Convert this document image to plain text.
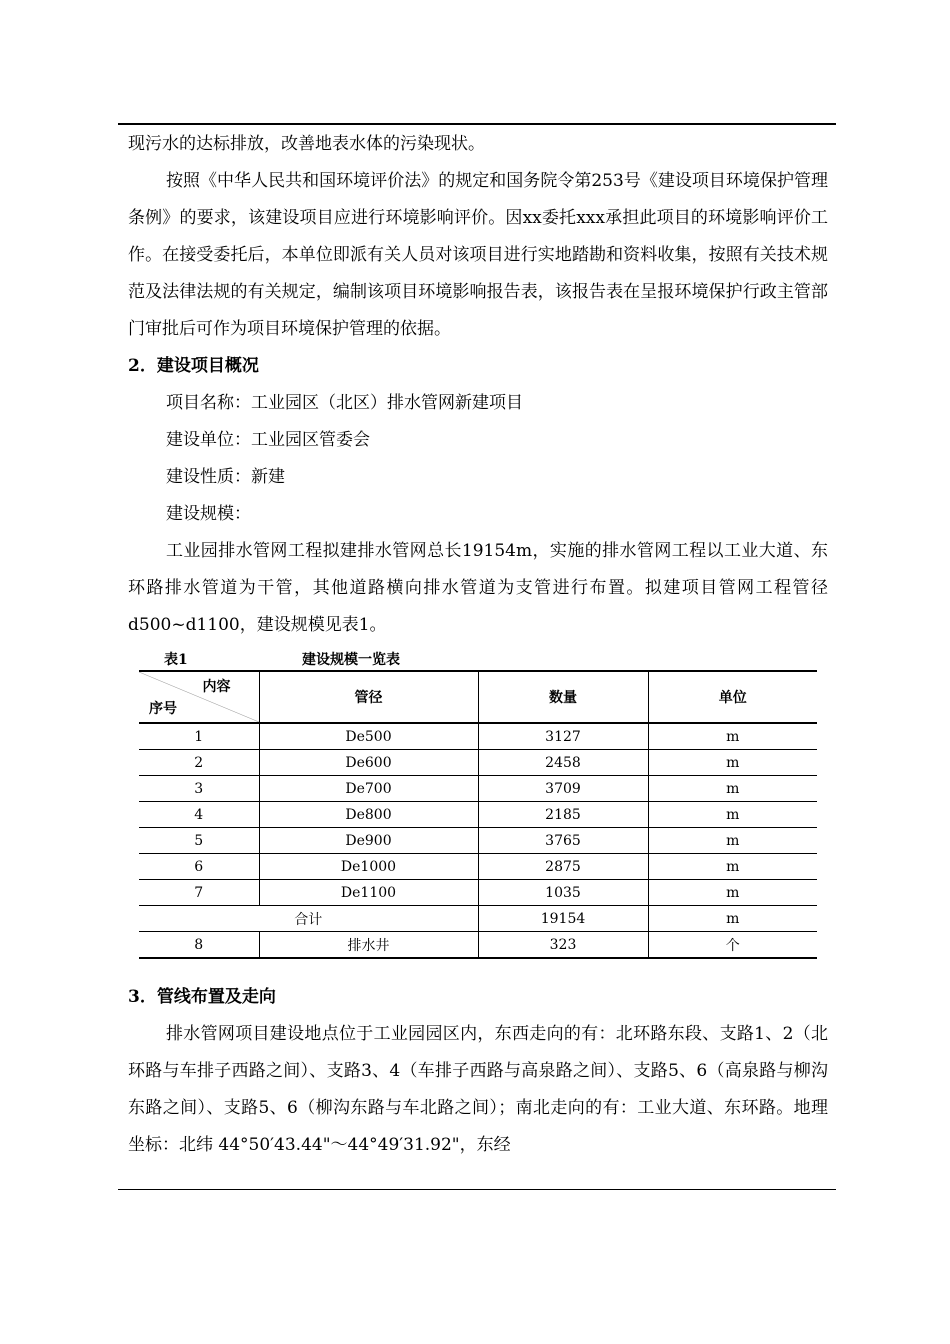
现污水的达标排放，改善地表水体的污染现状。

按照《中华人民共和国环境评价法》的规定和国务院令第253号《建设项目环境保护管理条例》的要求，该建设项目应进行环境影响评价。因xx委托xxx承担此项目的环境影响评价工作。在接受委托后，本单位即派有关人员对该项目进行实地踏勘和资料收集，按照有关技术规范及法律法规的有关规定，编制该项目环境影响报告表，该报告表在呈报环境保护行政主管部门审批后可作为项目环境保护管理的依据。

2．建设项目概况

项目名称：工业园区（北区）排水管网新建项目

建设单位：工业园区管委会

建设性质：新建

建设规模：

工业园排水管网工程拟建排水管网总长19154m，实施的排水管网工程以工业大道、东环路排水管道为干管，其他道路横向排水管道为支管进行布置。拟建项目管网工程管径 d500~d1100，建设规模见表1。

表1	建设规模一览表
内容
序号	管径	数量	单位
1	De500	3127	m
2	De600	2458	m
3	De700	3709	m
4	De800	2185	m
5	De900	3765	m
6	De1000	2875	m
7	De1100	1035	m
合计		19154	m
8	排水井	323	个
3．管线布置及走向

排水管网项目建设地点位于工业园园区内，东西走向的有：北环路东段、支路1、2（北环路与车排子西路之间）、支路3、4（车排子西路与高泉路之间）、支路5、6（高泉路与柳沟东路之间）、支路5、6（柳沟东路与车北路之间）；南北走向的有：工业大道、东环路。地理坐标：北纬 44°50′43.44"～44°49′31.92"，东经
